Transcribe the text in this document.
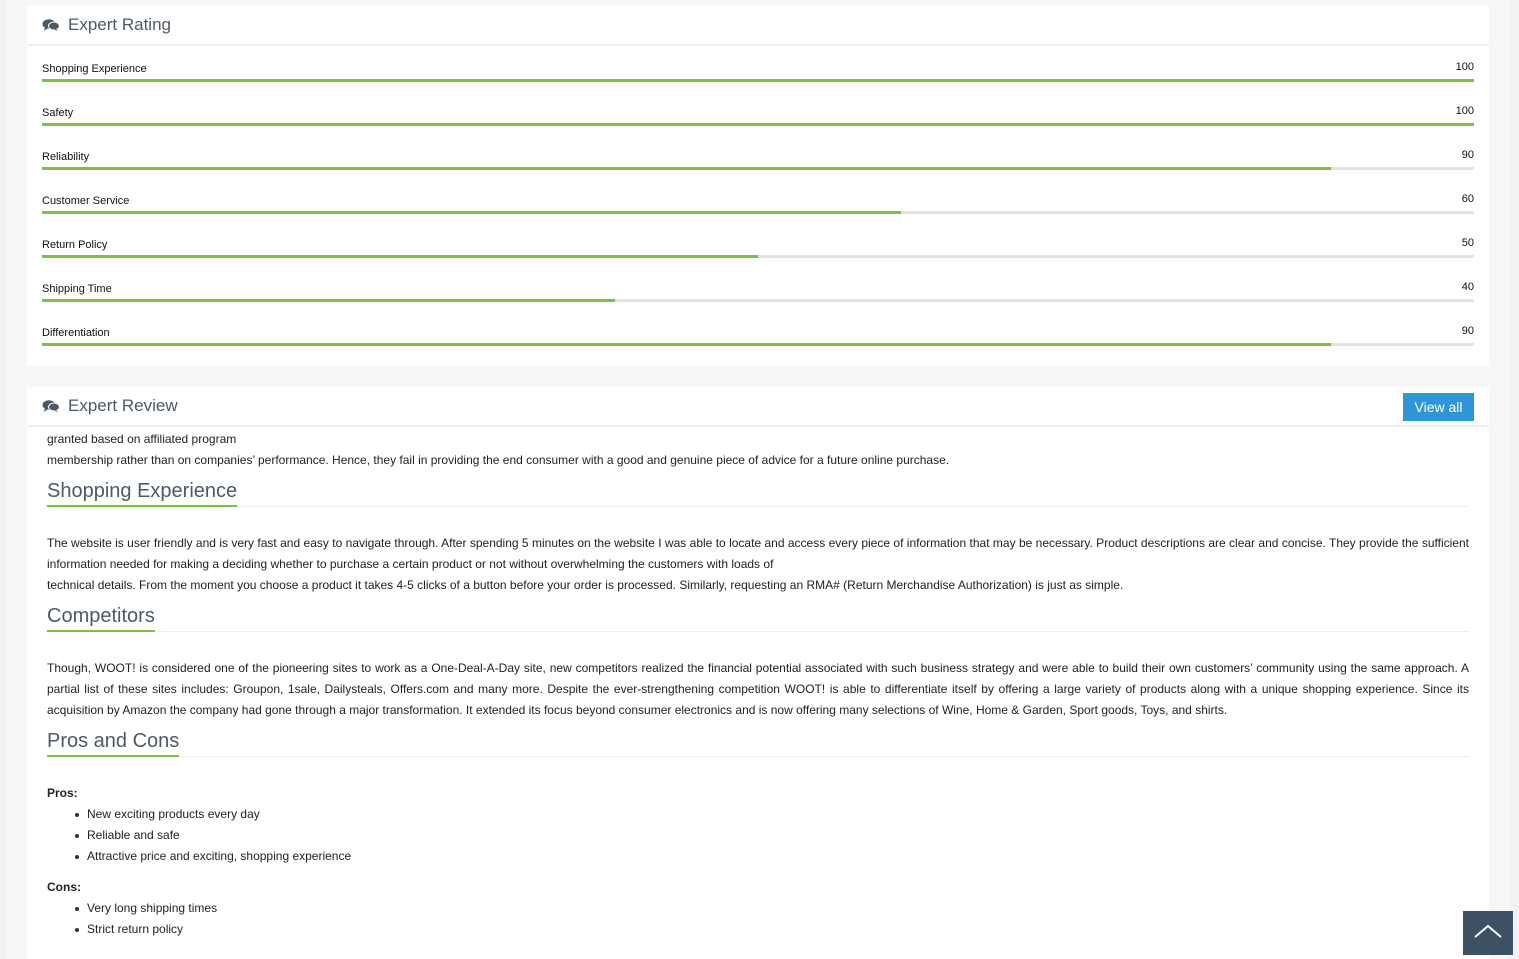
Expert Rating
Shopping Experience	100
Safety	100
Reliability	90
Customer Service	60
Return Policy	50
Shipping Time	40
Differentiation	90
Expert Review	View all

granted based on affiliated program

membership rather than on companies’ performance. Hence, they fail in providing the end consumer with a good and genuine piece of advice for a future online purchase.

Shopping Experience

The website is user friendly and is very fast and easy to navigate through. After spending 5 minutes on the website I was able to locate and access every piece of information that may be necessary. Product descriptions are clear and concise. They provide the sufficient information needed for making a deciding whether to purchase a certain product or not without overwhelming the customers with loads of

technical details. From the moment you choose a product it takes 4-5 clicks of a button before your order is processed. Similarly, requesting an RMA# (Return Merchandise Authorization) is just as simple.

Competitors

Though, WOOT! is considered one of the pioneering sites to work as a One-Deal-A-Day site, new competitors realized the financial potential associated with such business strategy and were able to build their own customers’ community using the same approach. A partial list of these sites includes: Groupon, 1sale, Dailysteals, Offers.com and many more. Despite the ever-strengthening competition WOOT! is able to differentiate itself by offering a large variety of products along with a unique shopping experience. Since its acquisition by Amazon the company had gone through a major transformation. It extended its focus beyond consumer electronics and is now offering many selections of Wine, Home & Garden, Sport goods, Toys, and shirts.

Pros and Cons

Pros:

New exciting products every day
Reliable and safe
Attractive price and exciting, shopping experience

Cons:

Very long shipping times
Strict return policy
